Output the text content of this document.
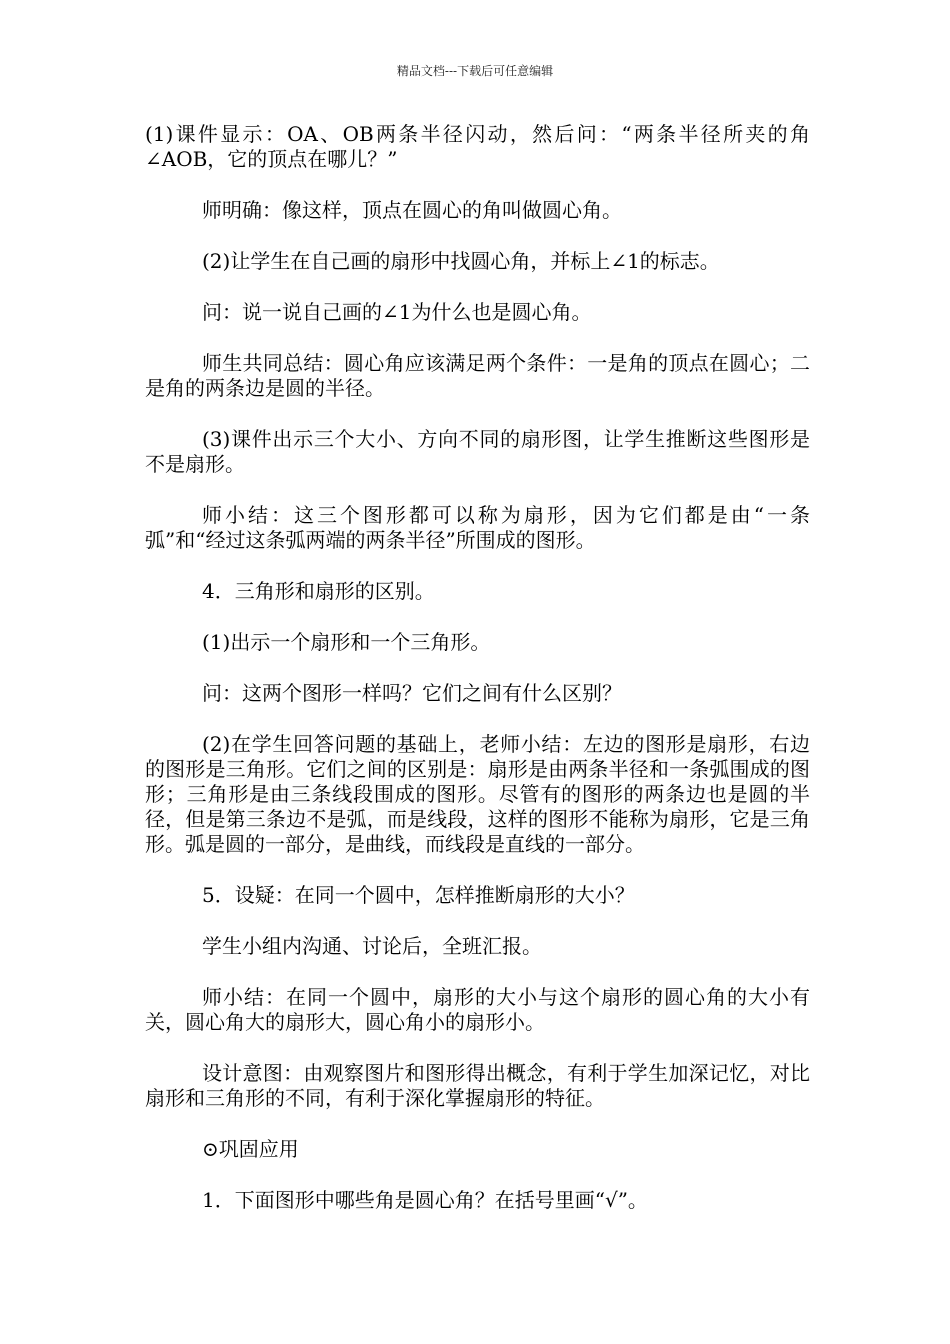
精品文档---下载后可任意编辑

(1)课件显示：OA、OB两条半径闪动，然后问：“两条半径所夹的角∠AOB，它的顶点在哪儿？”

师明确：像这样，顶点在圆心的角叫做圆心角。

(2)让学生在自己画的扇形中找圆心角，并标上∠1的标志。

问：说一说自己画的∠1为什么也是圆心角。

师生共同总结：圆心角应该满足两个条件：一是角的顶点在圆心；二是角的两条边是圆的半径。

(3)课件出示三个大小、方向不同的扇形图，让学生推断这些图形是不是扇形。

师小结：这三个图形都可以称为扇形，因为它们都是由“一条弧”和“经过这条弧两端的两条半径”所围成的图形。

4．三角形和扇形的区别。

(1)出示一个扇形和一个三角形。

问：这两个图形一样吗？它们之间有什么区别？

(2)在学生回答问题的基础上，老师小结：左边的图形是扇形，右边的图形是三角形。它们之间的区别是：扇形是由两条半径和一条弧围成的图形；三角形是由三条线段围成的图形。尽管有的图形的两条边也是圆的半径，但是第三条边不是弧，而是线段，这样的图形不能称为扇形，它是三角形。弧是圆的一部分，是曲线，而线段是直线的一部分。

5．设疑：在同一个圆中，怎样推断扇形的大小？

学生小组内沟通、讨论后，全班汇报。

师小结：在同一个圆中，扇形的大小与这个扇形的圆心角的大小有关，圆心角大的扇形大，圆心角小的扇形小。

设计意图：由观察图片和图形得出概念，有利于学生加深记忆，对比扇形和三角形的不同，有利于深化掌握扇形的特征。

⊙巩固应用

1．下面图形中哪些角是圆心角？在括号里画“√”。
